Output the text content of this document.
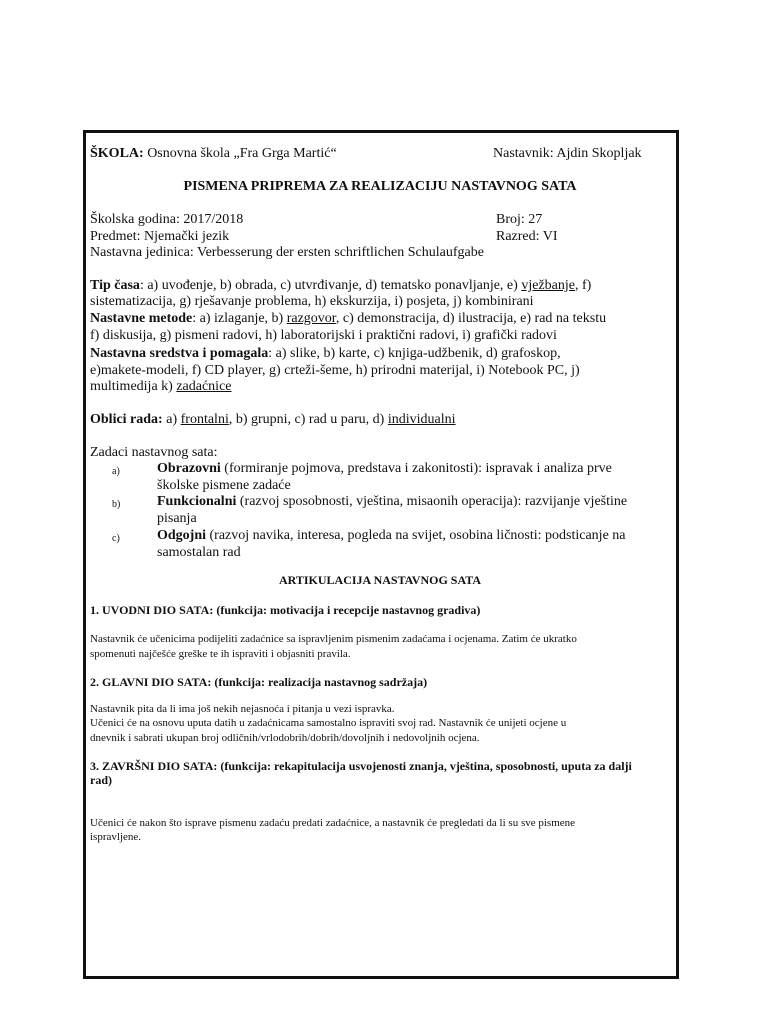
ŠKOLA: Osnovna škola „Fra Grga Martić“	Nastavnik: Ajdin Skopljak
PISMENA PRIPREMA ZA REALIZACIJU NASTAVNOG SATA
Školska godina: 2017/2018	Broj: 27
Predmet: Njemački jezik	Razred: VI
Nastavna jedinica: Verbesserung der ersten schriftlichen Schulaufgabe
Tip časa: a) uvođenje, b) obrada, c) utvrđivanje, d) tematsko ponavljanje, e) vježbanje, f)
sistematizacija, g) rješavanje problema, h) ekskurzija, i) posjeta, j) kombinirani
Nastavne metode: a) izlaganje, b) razgovor, c) demonstracija, d) ilustracija, e) rad na tekstu
f) diskusija, g) pismeni radovi, h) laboratorijski i praktični radovi, i) grafički radovi
Nastavna sredstva i pomagala: a) slike, b) karte, c) knjiga-udžbenik, d) grafoskop,
e)makete-modeli, f) CD player, g) crteži-šeme, h) prirodni materijal, i) Notebook PC, j)
multimedija k) zadaćnice
Oblici rada: a) frontalni, b) grupni, c) rad u paru, d) individualni
Zadaci nastavnog sata:
a)	Obrazovni (formiranje pojmova, predstava i zakonitosti): ispravak i analiza prve
školske pismene zadaće
b)	Funkcionalni (razvoj sposobnosti, vještina, misaonih operacija): razvijanje vještine
pisanja
c)	Odgojni (razvoj navika, interesa, pogleda na svijet, osobina ličnosti: podsticanje na
samostalan rad
ARTIKULACIJA NASTAVNOG SATA
1. UVODNI DIO SATA: (funkcija: motivacija i recepcije nastavnog gradiva)
Nastavnik će učenicima podijeliti zadaćnice sa ispravljenim pismenim zadaćama i ocjenama. Zatim će ukratko
spomenuti najčešće greške te ih ispraviti i objasniti pravila.
2. GLAVNI DIO SATA: (funkcija: realizacija nastavnog sadržaja)
Nastavnik pita da li ima još nekih nejasnoća i pitanja u vezi ispravka.
Učenici će na osnovu uputa datih u zadaćnicama samostalno ispraviti svoj rad. Nastavnik će unijeti ocjene u
dnevnik i sabrati ukupan broj odličnih/vrlodobrih/dobrih/dovoljnih i nedovoljnih ocjena.
3. ZAVRŠNI DIO SATA: (funkcija: rekapitulacija usvojenosti znanja, vještina, sposobnosti, uputa za dalji
rad)
Učenici će nakon što isprave pismenu zadaću predati zadaćnice, a nastavnik će pregledati da li su sve pismene
ispravljene.
